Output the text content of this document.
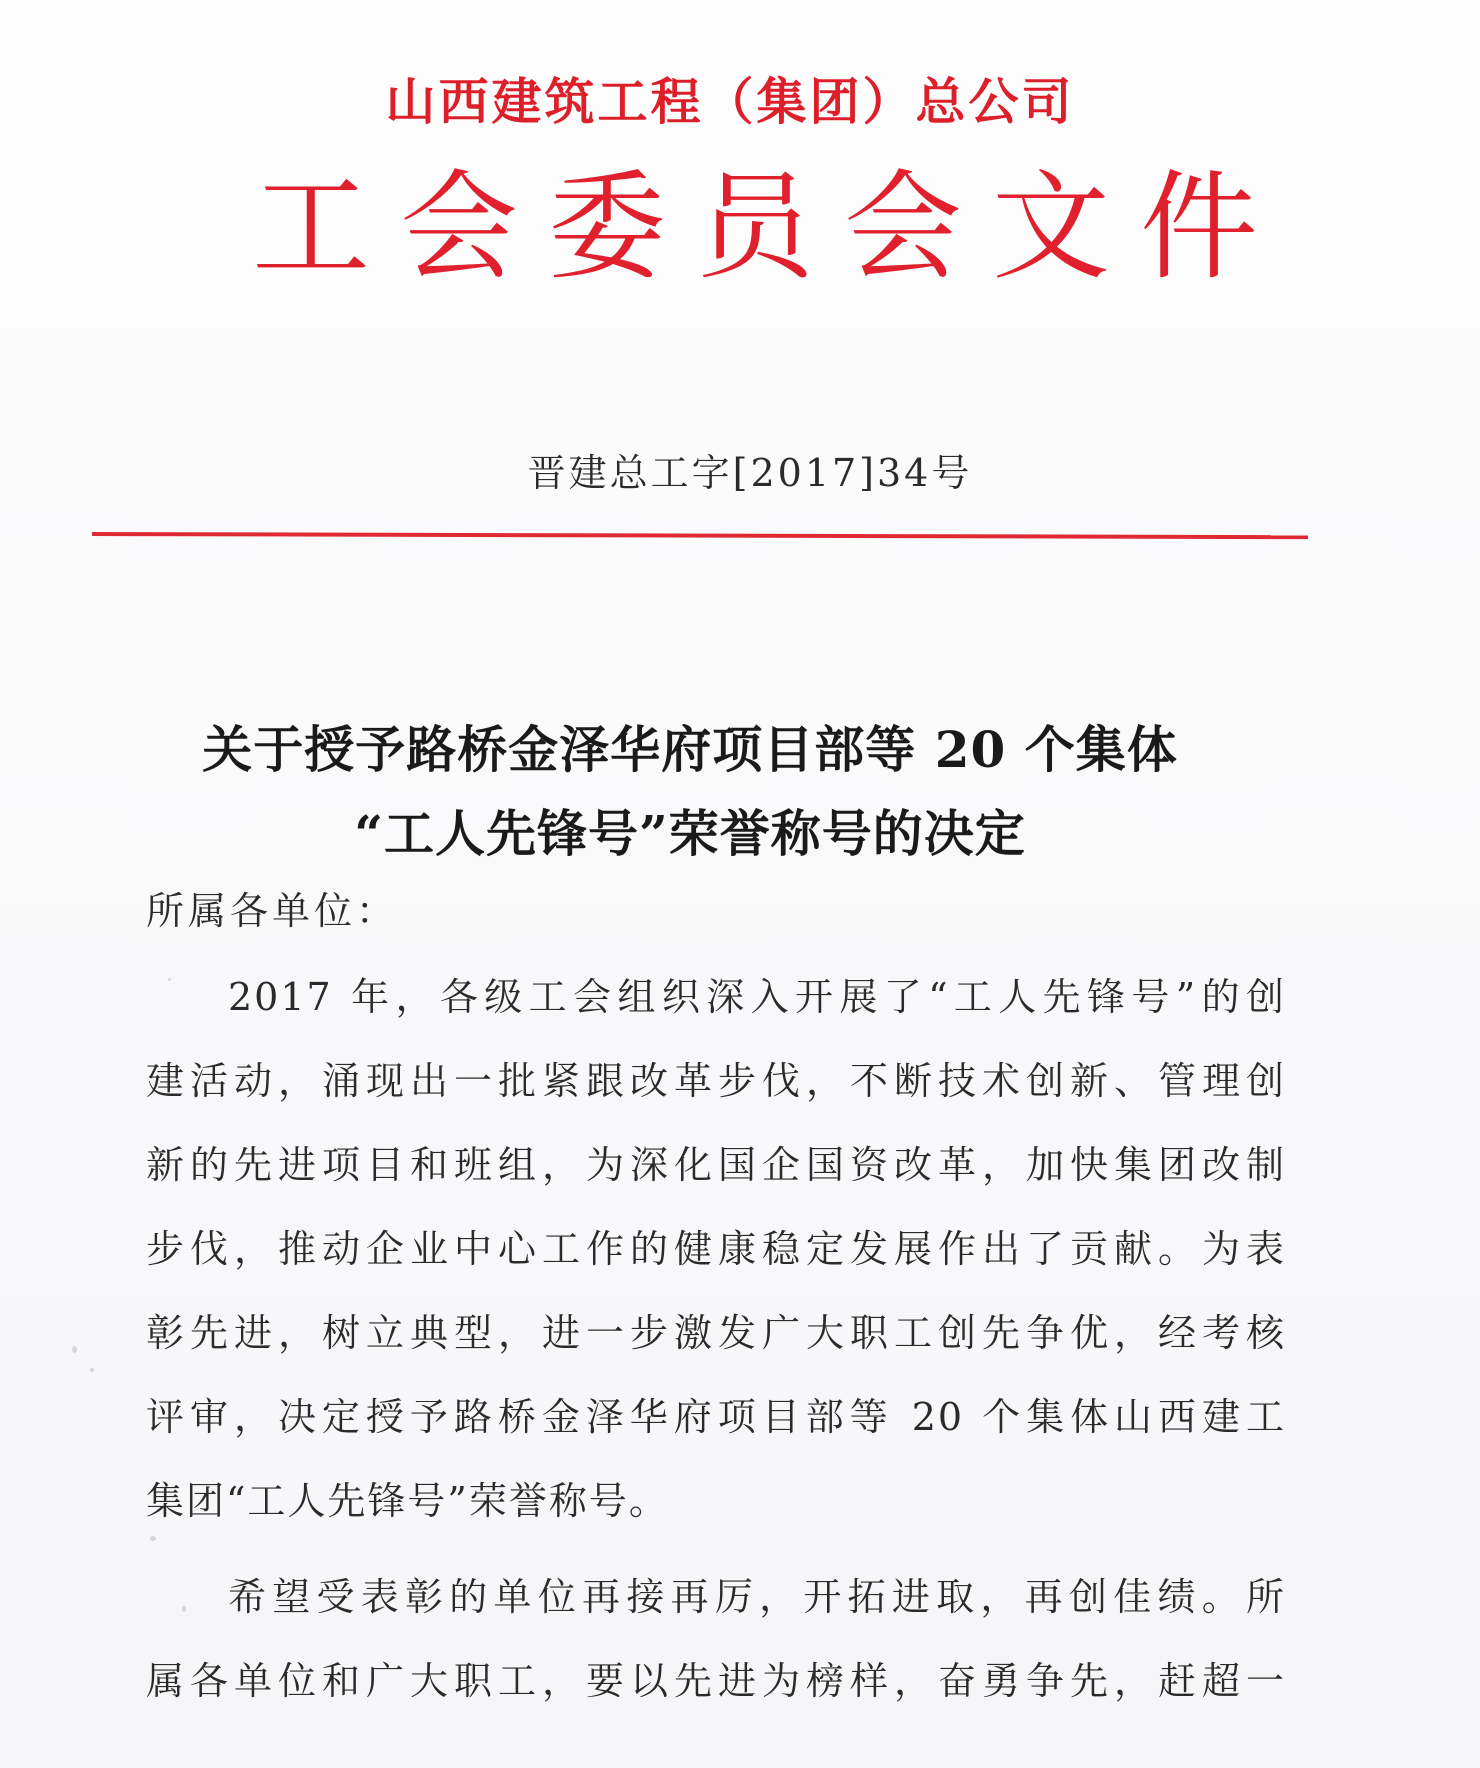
山西建筑工程（集团）总公司
工会委员会文件
晋建总工字[2017]34号
关于授予路桥金泽华府项目部等 20 个集体
“工人先锋号”荣誉称号的决定
所属各单位：
2017 年，各级工会组织深入开展了“工人先锋号”的创
建活动，涌现出一批紧跟改革步伐，不断技术创新、管理创
新的先进项目和班组，为深化国企国资改革，加快集团改制
步伐，推动企业中心工作的健康稳定发展作出了贡献。为表
彰先进，树立典型，进一步激发广大职工创先争优，经考核
评审，决定授予路桥金泽华府项目部等 20 个集体山西建工
集团“工人先锋号”荣誉称号。
希望受表彰的单位再接再厉，开拓进取，再创佳绩。所
属各单位和广大职工，要以先进为榜样，奋勇争先，赶超一
